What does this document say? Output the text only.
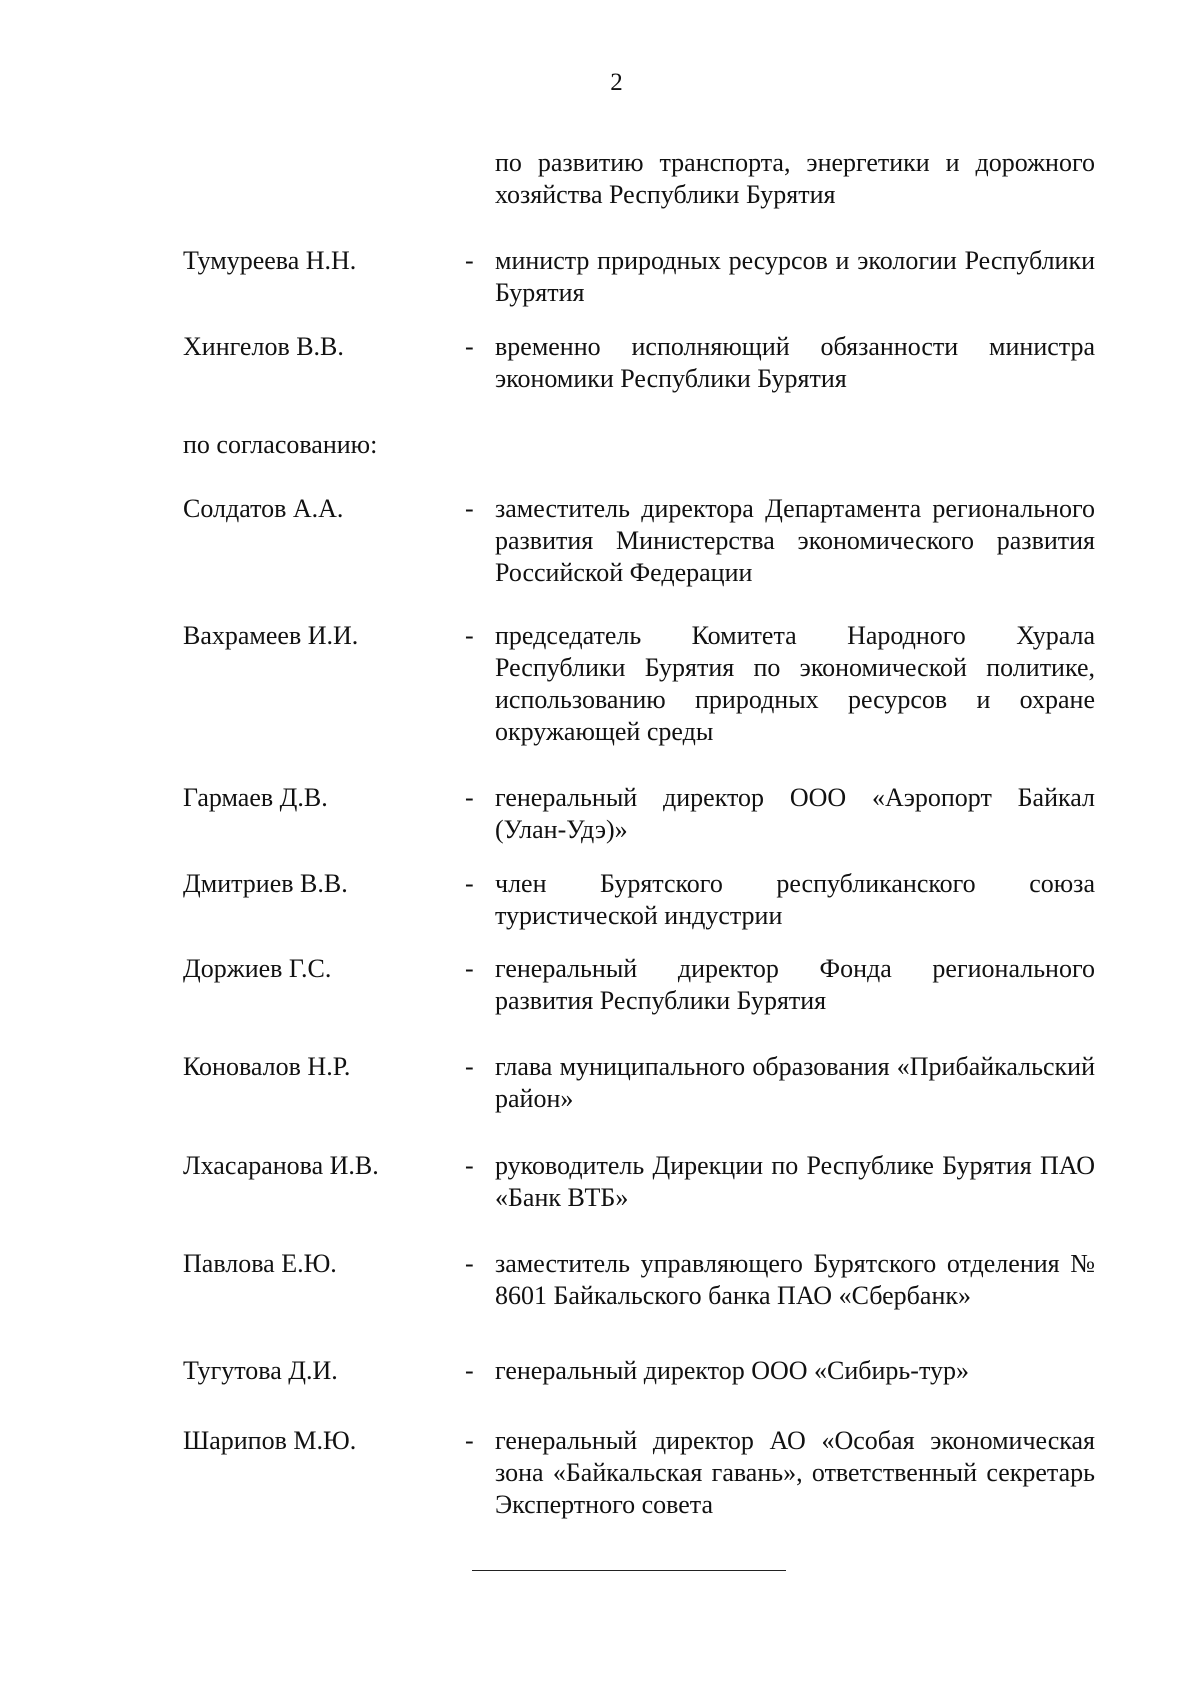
2
по развитию транспорта, энергетики и дорожного хозяйства Республики Бурятия
Тумуреева Н.Н.	- министр природных ресурсов и экологии Республики Бурятия
Хингелов В.В.	- временно исполняющий обязанности министра экономики Республики Бурятия
по согласованию:
Солдатов А.А.	- заместитель директора Департамента регионального развития Министерства экономического развития Российской Федерации
Вахрамеев И.И.	- председатель Комитета Народного Хурала Республики Бурятия по экономической политике, использованию природных ресурсов и охране окружающей среды
Гармаев Д.В.	- генеральный директор ООО «Аэропорт Байкал (Улан-Удэ)»
Дмитриев В.В.	- член Бурятского республиканского союза туристической индустрии
Доржиев Г.С.	- генеральный директор Фонда регионального развития Республики Бурятия
Коновалов Н.Р.	- глава муниципального образования «Прибайкальский район»
Лхасаранова И.В.	- руководитель Дирекции по Республике Бурятия ПАО «Банк ВТБ»
Павлова Е.Ю.	- заместитель управляющего Бурятского отделения № 8601 Байкальского банка ПАО «Сбербанк»
Тугутова Д.И.	- генеральный директор ООО «Сибирь-тур»
Шарипов М.Ю.	- генеральный директор АО «Особая экономическая зона «Байкальская гавань», ответственный секретарь Экспертного совета
